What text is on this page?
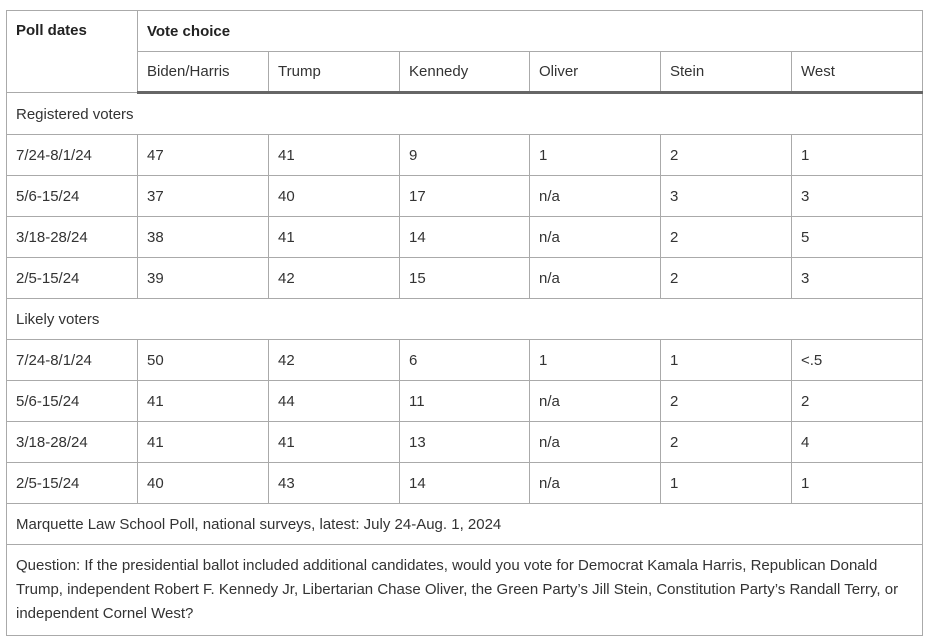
Poll dates	Vote choice					
	Biden/Harris	Trump	Kennedy	Oliver	Stein	West
Registered voters						
7/24-8/1/24	47	41	9	1	2	1
5/6-15/24	37	40	17	n/a	3	3
3/18-28/24	38	41	14	n/a	2	5
2/5-15/24	39	42	15	n/a	2	3
Likely voters						
7/24-8/1/24	50	42	6	1	1	<.5
5/6-15/24	41	44	11	n/a	2	2
3/18-28/24	41	41	13	n/a	2	4
2/5-15/24	40	43	14	n/a	1	1
Marquette Law School Poll, national surveys, latest: July 24-Aug. 1, 2024						
Question: If the presidential ballot included additional candidates, would you vote for Democrat Kamala Harris, Republican Donald Trump, independent Robert F. Kennedy Jr, Libertarian Chase Oliver, the Green Party’s Jill Stein, Constitution Party’s Randall Terry, or independent Cornel West?						
